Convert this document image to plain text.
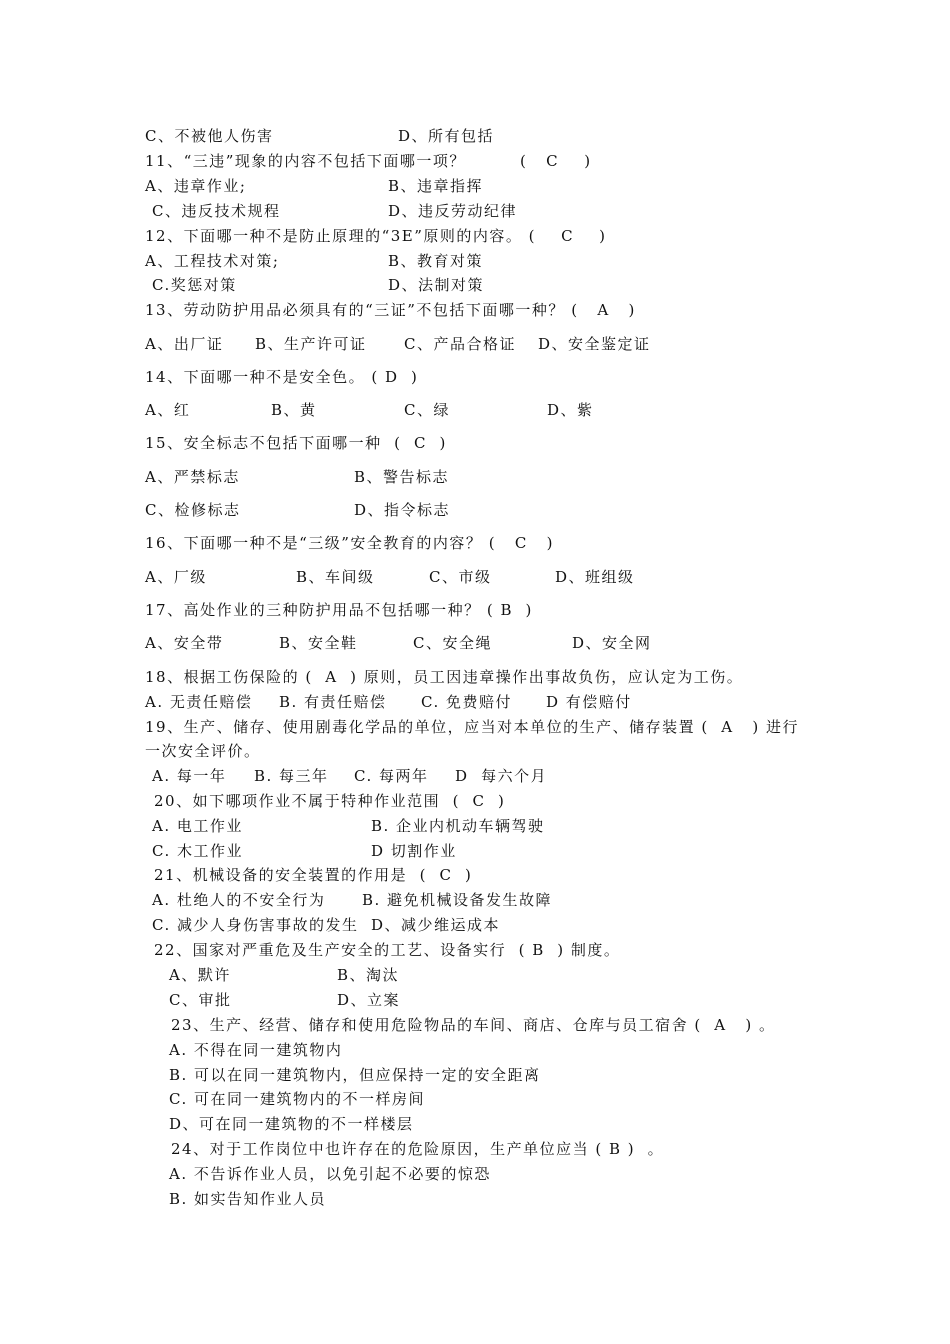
C、不被他人伤害	D、所有包括
11、“三违”现象的内容不包括下面哪一项？	(   C    )
A、违章作业;	B、违章指挥
C、违反技术规程	D、违反劳动纪律
12、下面哪一种不是防止原理的“3E”原则的内容。 (    C    )
A、工程技术对策;	B、教育对策
C.奖惩对策	D、法制对策
13、劳动防护用品必须具有的“三证”不包括下面哪一种？ (   A   )
A、出厂证 B、生产许可证 C、产品合格证 D、安全鉴定证
14、下面哪一种不是安全色。 ( D  )
A、红	B、黄	C、绿	D、紫
15、安全标志不包括下面哪一种  (  C  )
A、严禁标志	B、警告标志
C、检修标志	D、指令标志
16、下面哪一种不是“三级”安全教育的内容？ (   C   )
A、厂级	B、车间级	C、市级	D、班组级
17、高处作业的三种防护用品不包括哪一种？ ( B  )
A、安全带	B、安全鞋	C、安全绳	D、安全网
18、根据工伤保险的 (  A  ) 原则，员工因违章操作出事故负伤，应认定为工伤。
A. 无责任赔偿 B. 有责任赔偿 C. 免费赔付 D 有偿赔付
19、生产、储存、使用剧毒化学品的单位，应当对本单位的生产、储存装置 (  A   ) 进行
一次安全评价。
A. 每一年 B. 每三年 C. 每两年 D  每六个月
20、如下哪项作业不属于特种作业范围  (  C  )
A. 电工作业	B. 企业内机动车辆驾驶
C. 木工作业	D 切割作业
21、机械设备的安全装置的作用是  (  C  )
A. 杜绝人的不安全行为 B. 避免机械设备发生故障
C. 减少人身伤害事故的发生 D、减少维运成本
22、国家对严重危及生产安全的工艺、设备实行  ( B  ) 制度。
A、默许	B、淘汰
C、审批	D、立案
23、生产、经营、储存和使用危险物品的车间、商店、仓库与员工宿舍 (  A   ) 。
A. 不得在同一建筑物内
B. 可以在同一建筑物内，但应保持一定的安全距离
C. 可在同一建筑物内的不一样房间
D、可在同一建筑物的不一样楼层
24、对于工作岗位中也许存在的危险原因，生产单位应当 ( B )  。
A. 不告诉作业人员，以免引起不必要的惊恐
B. 如实告知作业人员
